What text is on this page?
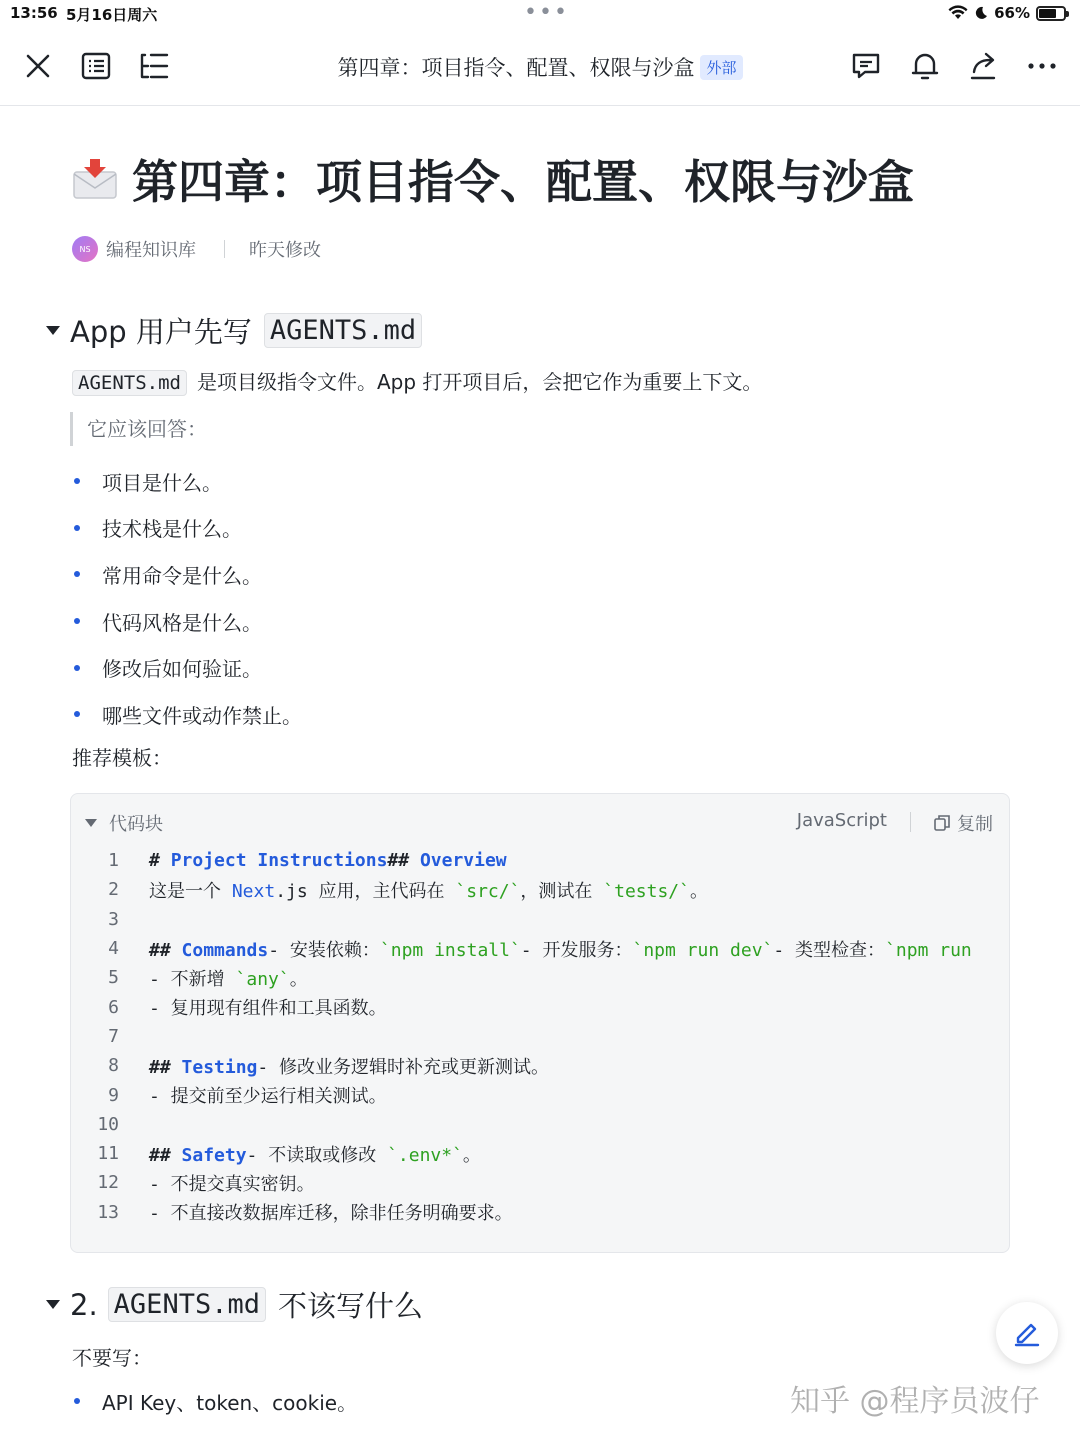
13:56 5月16日周六	•••	66%
第四章：项目指令、配置、权限与沙盒 外部
第四章：项目指令、配置、权限与沙盒
NS 编程知识库	昨天修改
App 用户先写 AGENTS.md
AGENTS.md 是项目级指令文件。App 打开项目后，会把它作为重要上下文。
它应该回答：
项目是什么。
技术栈是什么。
常用命令是什么。
代码风格是什么。
修改后如何验证。
哪些文件或动作禁止。
推荐模板：
代码块	JavaScript	复制
1 # Project Instructions## Overview
2 这是一个 Next.js 应用，主代码在 `src/`，测试在 `tests/`。
3
4 ## Commands- 安装依赖：`npm install`- 开发服务：`npm run dev`- 类型检查：`npm run
5 - 不新增 `any`。
6 - 复用现有组件和工具函数。
7
8 ## Testing- 修改业务逻辑时补充或更新测试。
9 - 提交前至少运行相关测试。
10
11 ## Safety- 不读取或修改 `.env*`。
12 - 不提交真实密钥。
13 - 不直接改数据库迁移，除非任务明确要求。
2. AGENTS.md 不该写什么
不要写：
API Key、token、cookie。	知乎 @程序员波仔
